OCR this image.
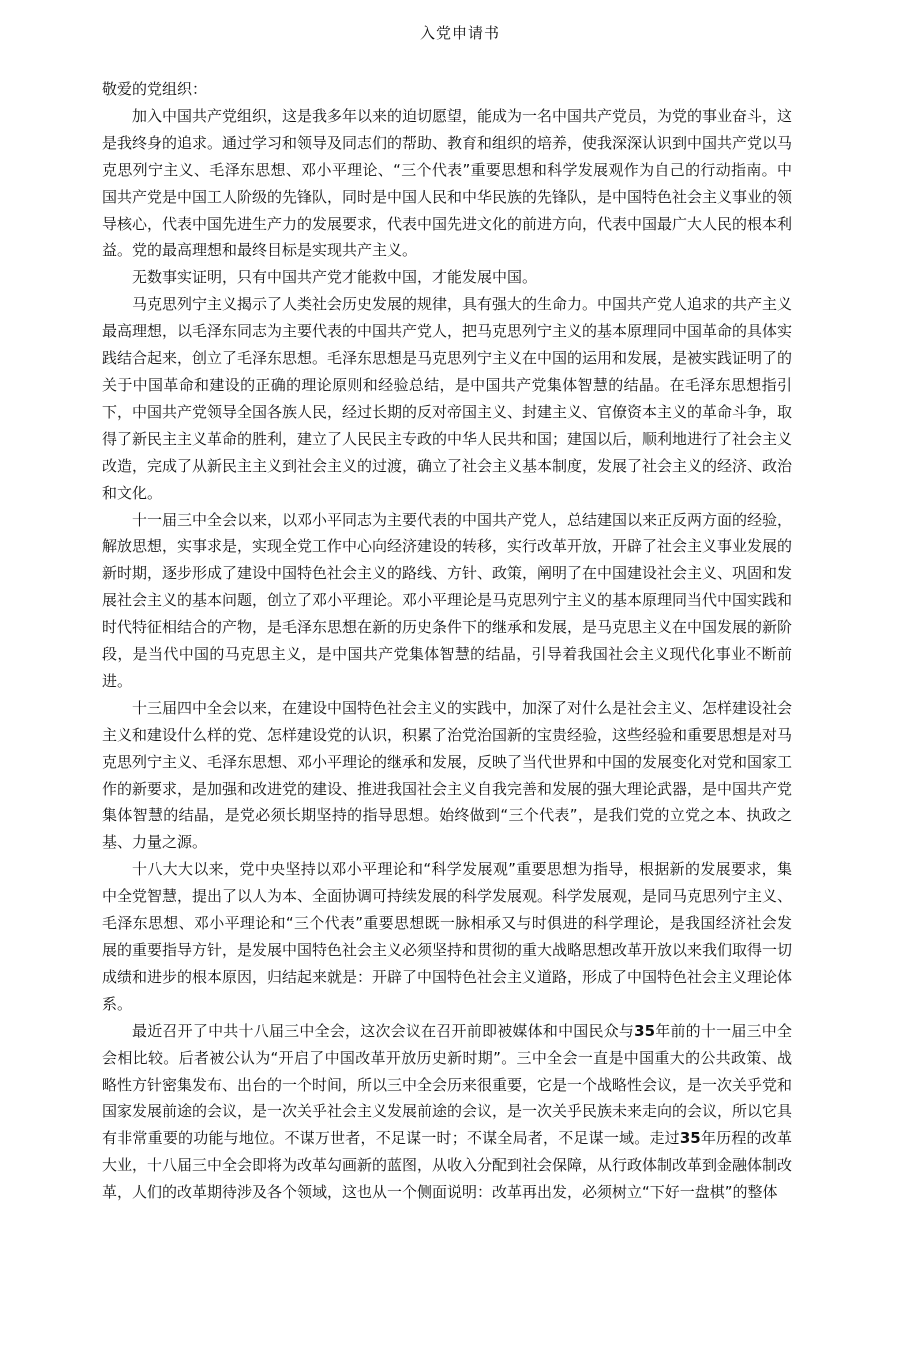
入党申请书

敬爱的党组织：

加入中国共产党组织，这是我多年以来的迫切愿望，能成为一名中国共产党员，为党的事业奋斗，这是我终身的追求。通过学习和领导及同志们的帮助、教育和组织的培养，使我深深认识到中国共产党以马克思列宁主义、毛泽东思想、邓小平理论、“三个代表”重要思想和科学发展观作为自己的行动指南。中国共产党是中国工人阶级的先锋队，同时是中国人民和中华民族的先锋队，是中国特色社会主义事业的领导核心，代表中国先进生产力的发展要求，代表中国先进文化的前进方向，代表中国最广大人民的根本利益。党的最高理想和最终目标是实现共产主义。

无数事实证明，只有中国共产党才能救中国，才能发展中国。

马克思列宁主义揭示了人类社会历史发展的规律，具有强大的生命力。中国共产党人追求的共产主义最高理想，以毛泽东同志为主要代表的中国共产党人，把马克思列宁主义的基本原理同中国革命的具体实践结合起来，创立了毛泽东思想。毛泽东思想是马克思列宁主义在中国的运用和发展，是被实践证明了的关于中国革命和建设的正确的理论原则和经验总结，是中国共产党集体智慧的结晶。在毛泽东思想指引下，中国共产党领导全国各族人民，经过长期的反对帝国主义、封建主义、官僚资本主义的革命斗争，取得了新民主主义革命的胜利，建立了人民民主专政的中华人民共和国；建国以后，顺利地进行了社会主义改造，完成了从新民主主义到社会主义的过渡，确立了社会主义基本制度，发展了社会主义的经济、政治和文化。

十一届三中全会以来，以邓小平同志为主要代表的中国共产党人，总结建国以来正反两方面的经验，解放思想，实事求是，实现全党工作中心向经济建设的转移，实行改革开放，开辟了社会主义事业发展的新时期，逐步形成了建设中国特色社会主义的路线、方针、政策，阐明了在中国建设社会主义、巩固和发展社会主义的基本问题，创立了邓小平理论。邓小平理论是马克思列宁主义的基本原理同当代中国实践和时代特征相结合的产物，是毛泽东思想在新的历史条件下的继承和发展，是马克思主义在中国发展的新阶段，是当代中国的马克思主义，是中国共产党集体智慧的结晶，引导着我国社会主义现代化事业不断前进。

十三届四中全会以来，在建设中国特色社会主义的实践中，加深了对什么是社会主义、怎样建设社会主义和建设什么样的党、怎样建设党的认识，积累了治党治国新的宝贵经验，这些经验和重要思想是对马克思列宁主义、毛泽东思想、邓小平理论的继承和发展，反映了当代世界和中国的发展变化对党和国家工作的新要求，是加强和改进党的建设、推进我国社会主义自我完善和发展的强大理论武器，是中国共产党集体智慧的结晶，是党必须长期坚持的指导思想。始终做到“三个代表”，是我们党的立党之本、执政之基、力量之源。

十八大大以来，党中央坚持以邓小平理论和“科学发展观”重要思想为指导，根据新的发展要求，集中全党智慧，提出了以人为本、全面协调可持续发展的科学发展观。科学发展观，是同马克思列宁主义、毛泽东思想、邓小平理论和“三个代表”重要思想既一脉相承又与时俱进的科学理论，是我国经济社会发展的重要指导方针，是发展中国特色社会主义必须坚持和贯彻的重大战略思想改革开放以来我们取得一切成绩和进步的根本原因，归结起来就是：开辟了中国特色社会主义道路，形成了中国特色社会主义理论体系。

最近召开了中共十八届三中全会，这次会议在召开前即被媒体和中国民众与35年前的十一届三中全会相比较。后者被公认为“开启了中国改革开放历史新时期”。三中全会一直是中国重大的公共政策、战略性方针密集发布、出台的一个时间，所以三中全会历来很重要，它是一个战略性会议，是一次关乎党和国家发展前途的会议，是一次关乎社会主义发展前途的会议，是一次关乎民族未来走向的会议，所以它具有非常重要的功能与地位。不谋万世者，不足谋一时；不谋全局者，不足谋一域。走过35年历程的改革大业，十八届三中全会即将为改革勾画新的蓝图，从收入分配到社会保障，从行政体制改革到金融体制改革，人们的改革期待涉及各个领域，这也从一个侧面说明：改革再出发，必须树立“下好一盘棋”的整体
